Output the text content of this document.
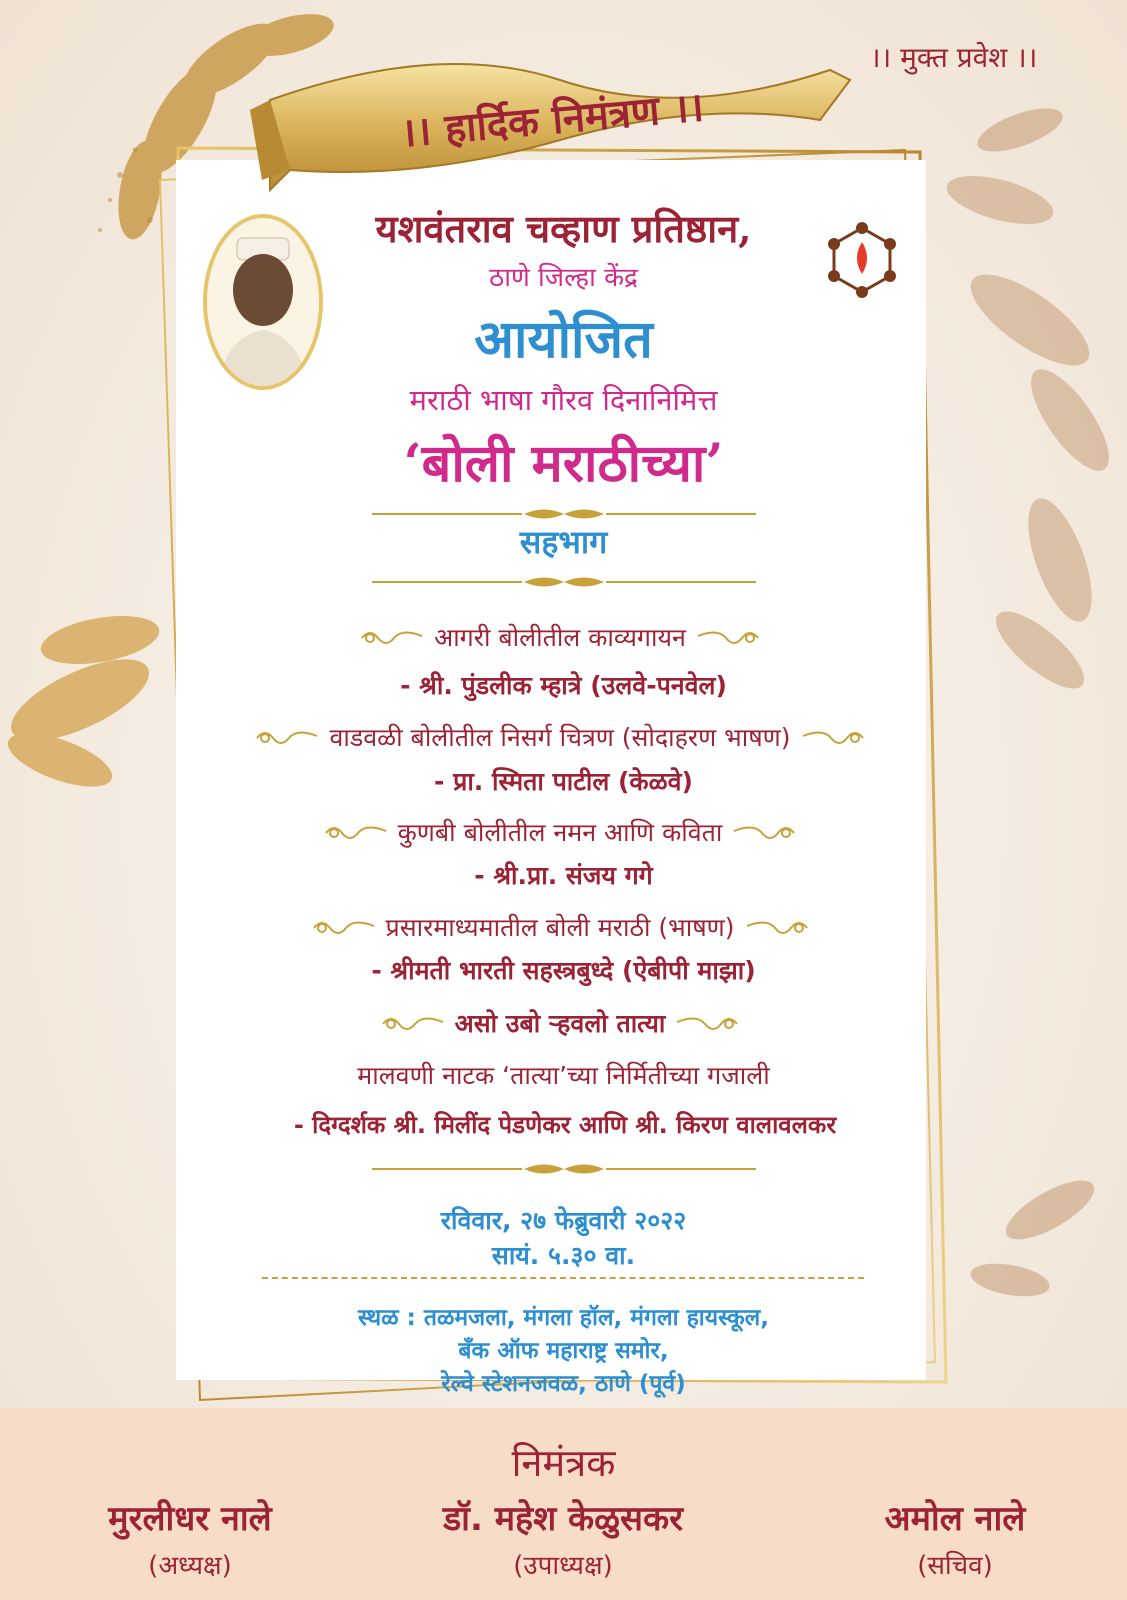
।। हार्दिक निमंत्रण ।।
।। मुक्त प्रवेश ।।
यशवंतराव चव्हाण प्रतिष्ठान,
ठाणे जिल्हा केंद्र
आयोजित
मराठी भाषा गौरव दिनानिमित्त
‘बोली मराठीच्या’
सहभाग
आगरी बोलीतील काव्यगायन
- श्री. पुंडलीक म्हात्रे (उलवे-पनवेल)
वाडवळी बोलीतील निसर्ग चित्रण (सोदाहरण भाषण)
- प्रा. स्मिता पाटील (केळवे)
कुणबी बोलीतील नमन आणि कविता
- श्री.प्रा. संजय गगे
प्रसारमाध्यमातील बोली मराठी (भाषण)
- श्रीमती भारती सहस्त्रबुध्दे (ऐबीपी माझा)
असो उबो ऱ्हवलो तात्या
मालवणी नाटक ‘तात्या’च्या निर्मितीच्या गजाली
- दिग्दर्शक श्री. मिलींद पेडणेकर आणि श्री. किरण वालावलकर
रविवार, २७ फेब्रुवारी २०२२
सायं. ५.३० वा.
स्थळ : तळमजला, मंगला हॉल, मंगला हायस्कूल,
बँक ऑफ महाराष्ट्र समोर,
रेल्वे स्टेशनजवळ, ठाणे (पूर्व)
निमंत्रक
मुरलीधर नाले
(अध्यक्ष)
डॉ. महेश केळुसकर
(उपाध्यक्ष)
अमोल नाले
(सचिव)
